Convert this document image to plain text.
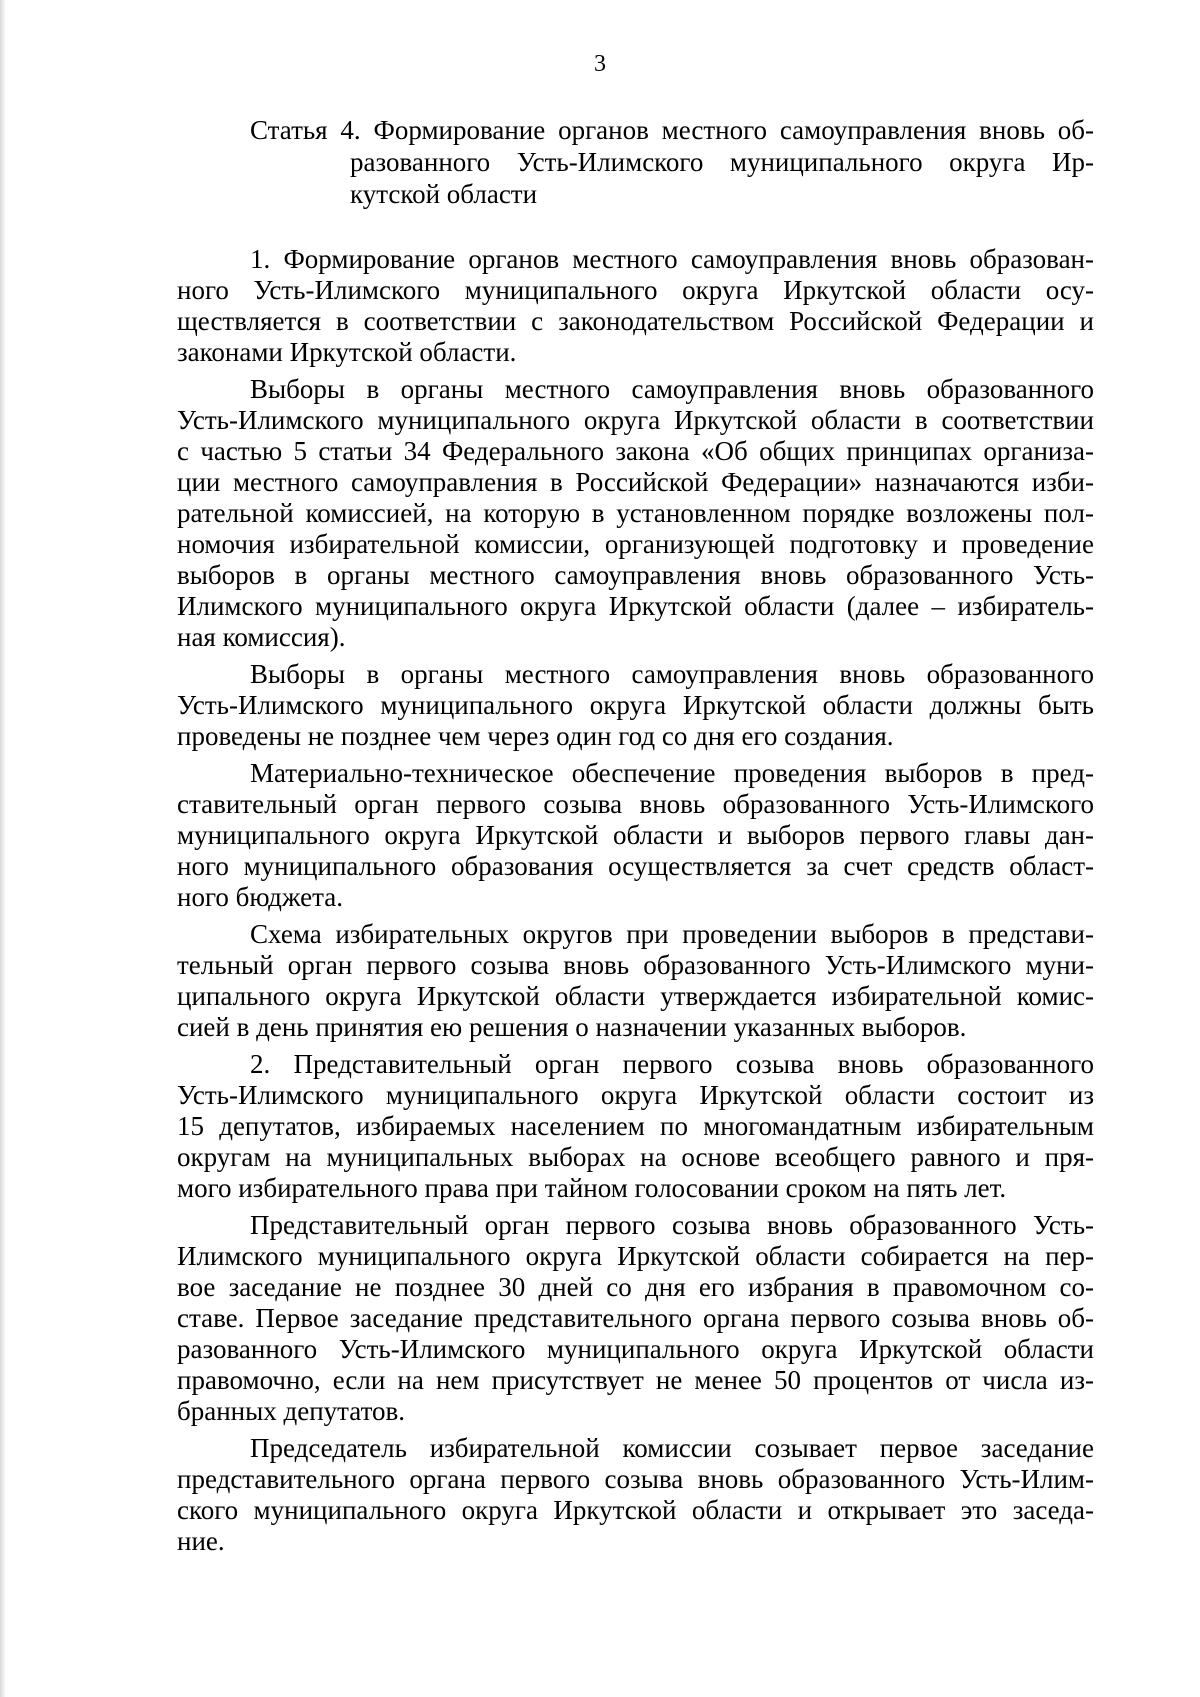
3
Статья 4. Формирование органов местного самоуправления вновь об-
разованного Усть-Илимского муниципального округа Ир-
кутской области
1. Формирование органов местного самоуправления вновь образован-
ного Усть-Илимского муниципального округа Иркутской области осу-
ществляется в соответствии с законодательством Российской Федерации и
законами Иркутской области.
Выборы в органы местного самоуправления вновь образованного
Усть-Илимского муниципального округа Иркутской области в соответствии
с частью 5 статьи 34 Федерального закона «Об общих принципах организа-
ции местного самоуправления в Российской Федерации» назначаются изби-
рательной комиссией, на которую в установленном порядке возложены пол-
номочия избирательной комиссии, организующей подготовку и проведение
выборов в органы местного самоуправления вновь образованного Усть-
Илимского муниципального округа Иркутской области (далее – избиратель-
ная комиссия).
Выборы в органы местного самоуправления вновь образованного
Усть-Илимского муниципального округа Иркутской области должны быть
проведены не позднее чем через один год со дня его создания.
Материально-техническое обеспечение проведения выборов в пред-
ставительный орган первого созыва вновь образованного Усть-Илимского
муниципального округа Иркутской области и выборов первого главы дан-
ного муниципального образования осуществляется за счет средств област-
ного бюджета.
Схема избирательных округов при проведении выборов в представи-
тельный орган первого созыва вновь образованного Усть-Илимского муни-
ципального округа Иркутской области утверждается избирательной комис-
сией в день принятия ею решения о назначении указанных выборов.
2. Представительный орган первого созыва вновь образованного
Усть-Илимского муниципального округа Иркутской области состоит из
15 депутатов, избираемых населением по многомандатным избирательным
округам на муниципальных выборах на основе всеобщего равного и пря-
мого избирательного права при тайном голосовании сроком на пять лет.
Представительный орган первого созыва вновь образованного Усть-
Илимского муниципального округа Иркутской области собирается на пер-
вое заседание не позднее 30 дней со дня его избрания в правомочном со-
ставе. Первое заседание представительного органа первого созыва вновь об-
разованного Усть-Илимского муниципального округа Иркутской области
правомочно, если на нем присутствует не менее 50 процентов от числа из-
бранных депутатов.
Председатель избирательной комиссии созывает первое заседание
представительного органа первого созыва вновь образованного Усть-Илим-
ского муниципального округа Иркутской области и открывает это заседа-
ние.
